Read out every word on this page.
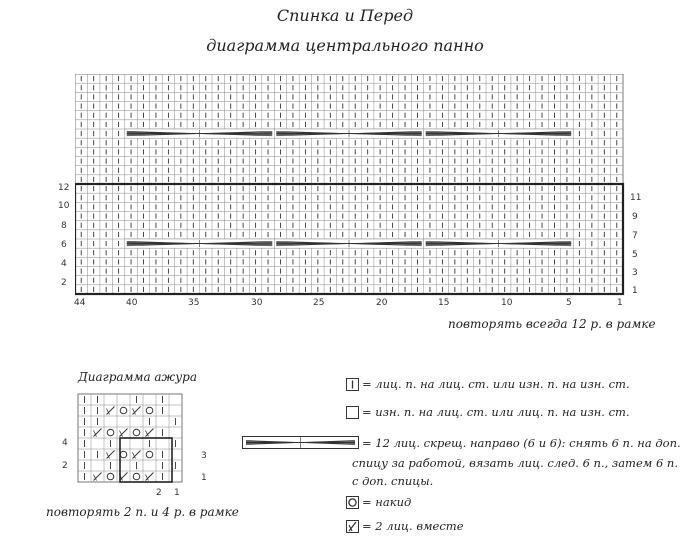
Спинка и Перед
диаграмма центрального панно
12
10
8
6
4
2
11
9
7
5
3
1
44	40	35	30	25	20	15	10	5	1
повторять всегда 12 р. в рамке
Диаграмма ажура
4
2
3
1
2 1
повторять 2 п. и 4 р. в рамке
= лиц. п. на лиц. ст. или изн. п. на изн. ст.
= изн. п. на лиц. ст. или лиц. п. на изн. ст.
= 12 лиц. скрещ. направо (6 и 6): снять 6 п. на доп.
спицу за работой, вязать лиц. след. 6 п., затем 6 п.
с доп. спицы.
= накид
= 2 лиц. вместе
